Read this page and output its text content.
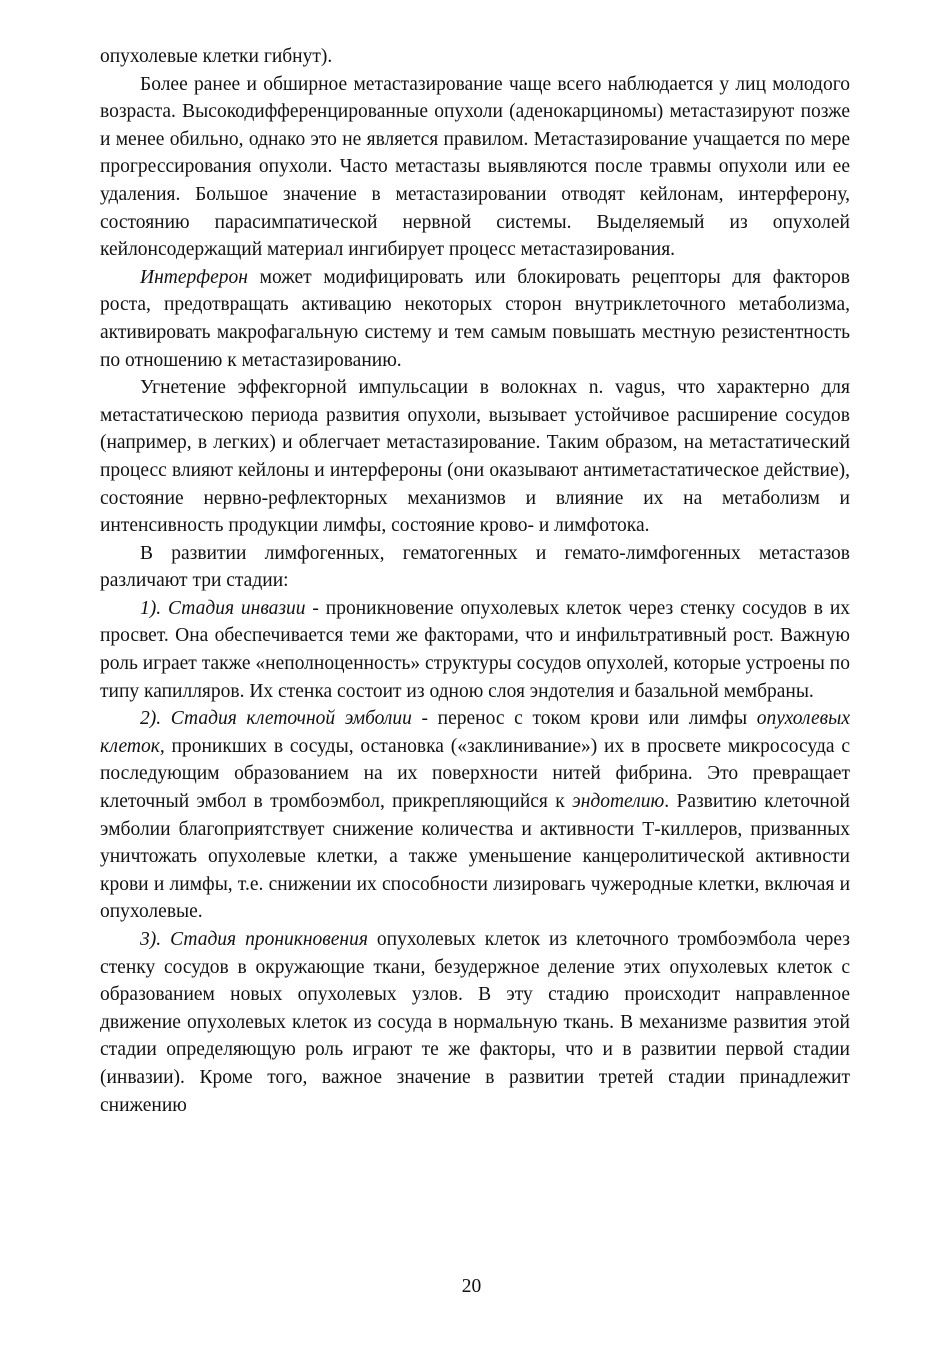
опухолевые клетки гибнут).

Более ранее и обширное метастазирование чаще всего наблюдается у лиц молодого возраста. Высокодифференцированные опухоли (аденокарциномы) метастазируют позже и менее обильно, однако это не является правилом. Метастазирование учащается по мере прогрессирования опухоли. Часто метастазы выявляются после травмы опухоли или ее удаления. Большое значение в метастазировании отводят кейлонам, интерферону, состоянию парасимпатической нервной системы. Выделяемый из опухолей кейлонсодержащий материал ингибирует процесс метастазирования.

Интерферон может модифицировать или блокировать рецепторы для факторов роста, предотвращать активацию некоторых сторон внутриклеточного метаболизма, активировать макрофагальную систему и тем самым повышать местную резистентность по отношению к метастазированию.

Угнетение эффекгорной импульсации в волокнах n. vagus, что характерно для метастатическою периода развития опухоли, вызывает устойчивое расширение сосудов (например, в легких) и облегчает метастазирование. Таким образом, на метастатический процесс влияют кейлоны и интерфероны (они оказывают антиметастатическое действие), состояние нервно-рефлекторных механизмов и влияние их на метаболизм и интенсивность продукции лимфы, состояние крово- и лимфотока.

В развитии лимфогенных, гематогенных и гемато-лимфогенных метастазов различают три стадии:

1). Стадия инвазии - проникновение опухолевых клеток через стенку сосудов в их просвет. Она обеспечивается теми же факторами, что и инфильтративный рост. Важную роль играет также «неполноценность» структуры сосудов опухолей, которые устроены по типу капилляров. Их стенка состоит из одною слоя эндотелия и базальной мембраны.

2). Стадия клеточной эмболии - перенос с током крови или лимфы опухолевых клеток, проникших в сосуды, остановка («заклинивание») их в просвете микрососуда с последующим образованием на их поверхности нитей фибрина. Это превращает клеточный эмбол в тромбоэмбол, прикрепляющийся к эндотелию. Развитию клеточной эмболии благоприятствует снижение количества и активности Т-киллеров, призванных уничтожать опухолевые клетки, а также уменьшение канцеролитической активности крови и лимфы, т.е. снижении их способности лизировагь чужеродные клетки, включая и опухолевые.

3). Стадия проникновения опухолевых клеток из клеточного тромбоэмбола через стенку сосудов в окружающие ткани, безудержное деление этих опухолевых клеток с образованием новых опухолевых узлов. В эту стадию происходит направленное движение опухолевых клеток из сосуда в нормальную ткань. В механизме развития этой стадии определяющую роль играют те же факторы, что и в развитии первой стадии (инвазии). Кроме того, важное значение в развитии третей стадии принадлежит снижению

20
